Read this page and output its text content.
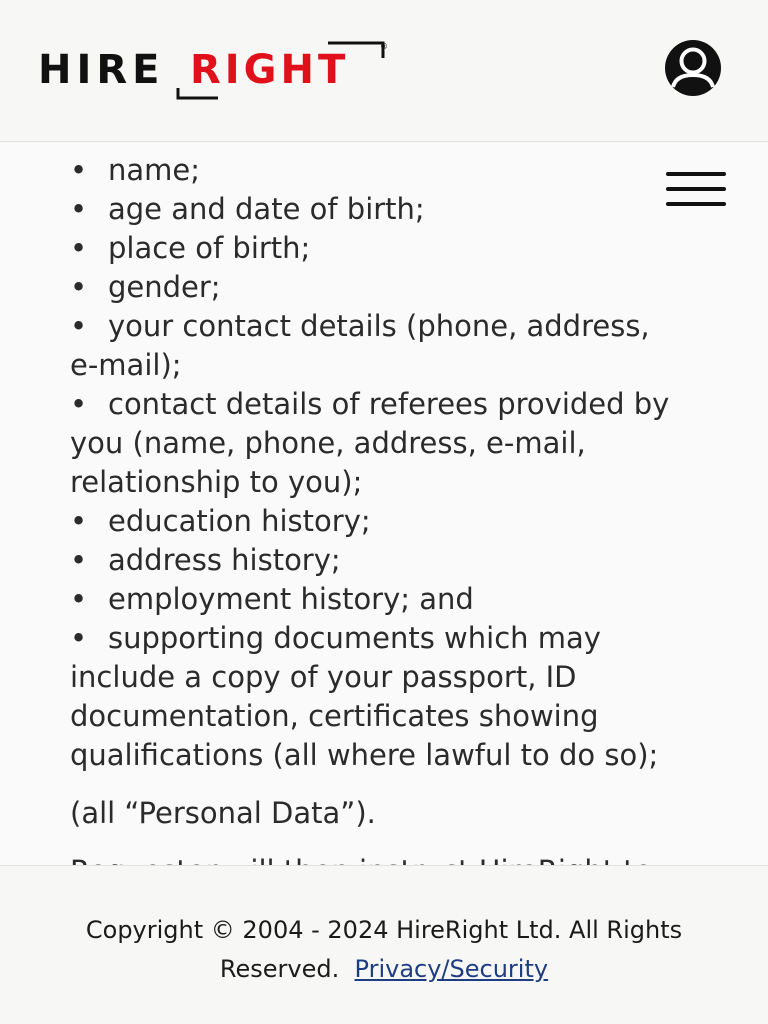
HIRE RIGHT
®
• name;
• age and date of birth;
• place of birth;
• gender;
• your contact details (phone, address,
e-mail);
• contact details of referees provided by
you (name, phone, address, e-mail,
relationship to you);
• education history;
• address history;
• employment history; and
• supporting documents which may
include a copy of your passport, ID
documentation, certificates showing
qualifications (all where lawful to do so);
(all “Personal Data”).
Copyright © 2004 - 2024 HireRight Ltd. All Rights
Reserved. Privacy/Security
